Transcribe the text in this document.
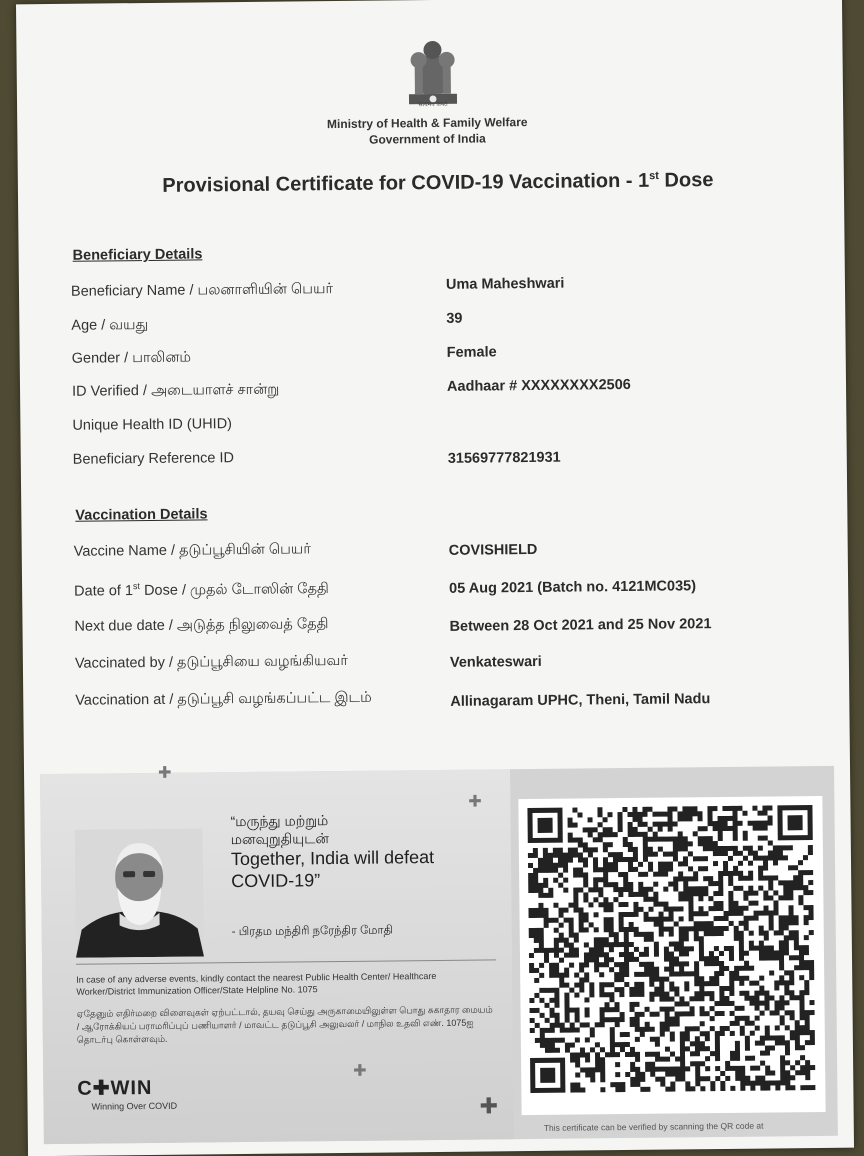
सत्यमेव जयते
Ministry of Health & Family Welfare
Government of India
Provisional Certificate for COVID-19 Vaccination - 1st Dose
Beneficiary Details
Beneficiary Name / பலனாளியின் பெயர்	Uma Maheshwari
Age / வயது	39
Gender / பாலினம்	Female
ID Verified / அடையாளச் சான்று	Aadhaar # XXXXXXXX2506
Unique Health ID (UHID)
Beneficiary Reference ID	31569777821931
Vaccination Details
Vaccine Name / தடுப்பூசியின் பெயர்	COVISHIELD
Date of 1st Dose / முதல் டோஸின் தேதி	05 Aug 2021 (Batch no. 4121MC035)
Next due date / அடுத்த நிலுவைத் தேதி	Between 28 Oct 2021 and 25 Nov 2021
Vaccinated by / தடுப்பூசியை வழங்கியவர்	Venkateswari
Vaccination at / தடுப்பூசி வழங்கப்பட்ட இடம்	Allinagaram UPHC, Theni, Tamil Nadu
✚
✚
“மருந்து மற்றும்
மனவுறுதியுடன்
Together, India will defeat
COVID-19”
- பிரதம மந்திரி நரேந்திர மோதி
In case of any adverse events, kindly contact the nearest Public Health Center/ Healthcare Worker/District Immunization Officer/State Helpline No. 1075
ஏதேனும் எதிர்மறை விளைவுகள் ஏற்பட்டால், தயவு செய்து அருகாமையிலுள்ள பொது சுகாதார மையம் / ஆரோக்கியப் பராமரிப்புப் பணியாளர் / மாவட்ட தடுப்பூசி அலுவலர் / மாநில உதவி எண். 1075ஐ தொடர்பு கொள்ளவும்.
✚
✚
C✚WIN
Winning Over COVID
This certificate can be verified by scanning the QR code at
